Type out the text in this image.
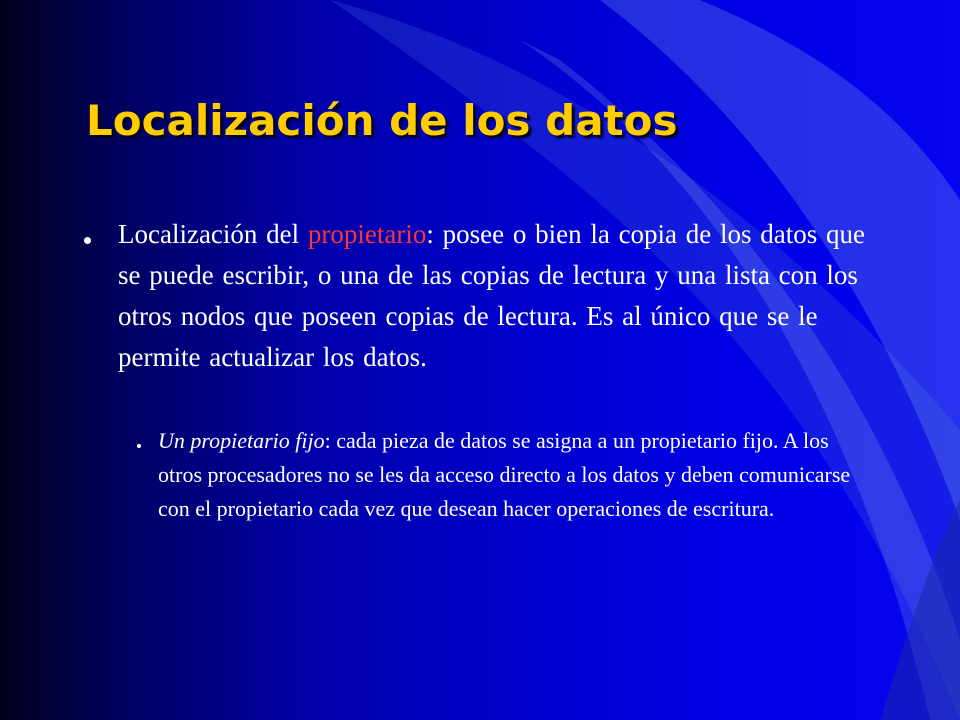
Localización de los datos
Localización del propietario: posee o bien la copia de los datos que se puede escribir, o una de las copias de lectura y una lista con los otros nodos que poseen copias de lectura. Es al único que se le permite actualizar los datos.
Un propietario fijo: cada pieza de datos se asigna a un propietario fijo. A los otros procesadores no se les da acceso directo a los datos y deben comunicarse con el propietario cada vez que desean hacer operaciones de escritura.
